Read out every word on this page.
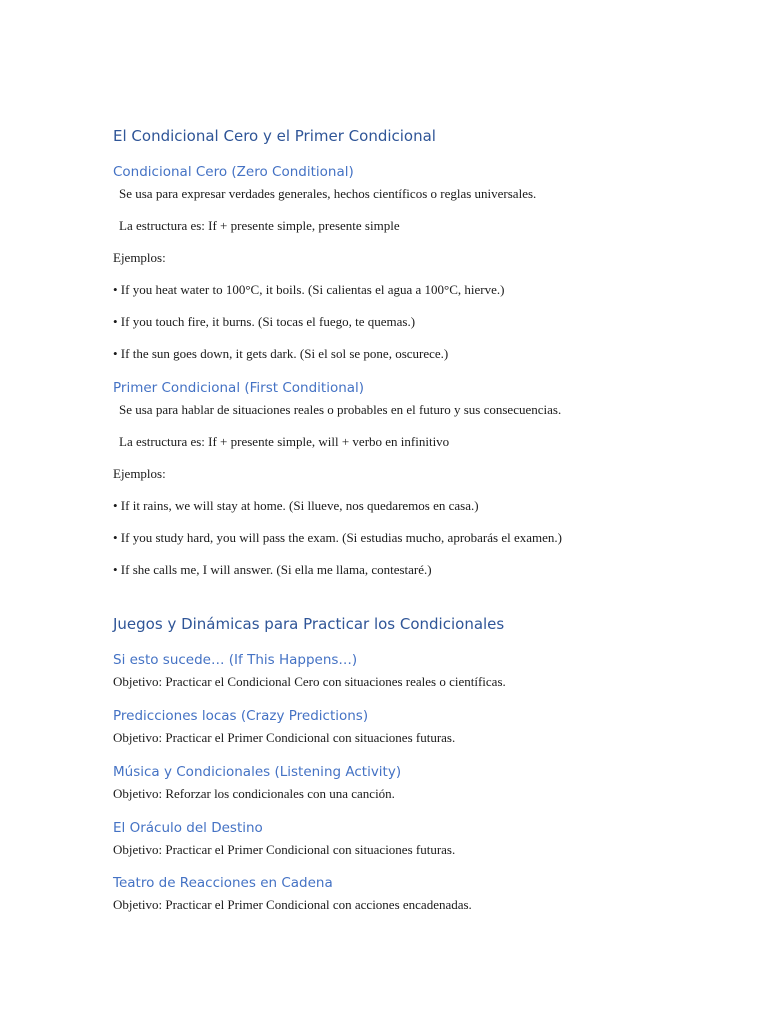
El Condicional Cero y el Primer Condicional
Condicional Cero (Zero Conditional)
Se usa para expresar verdades generales, hechos científicos o reglas universales.
La estructura es: If + presente simple, presente simple
Ejemplos:
• If you heat water to 100°C, it boils. (Si calientas el agua a 100°C, hierve.)
• If you touch fire, it burns. (Si tocas el fuego, te quemas.)
• If the sun goes down, it gets dark. (Si el sol se pone, oscurece.)
Primer Condicional (First Conditional)
Se usa para hablar de situaciones reales o probables en el futuro y sus consecuencias.
La estructura es: If + presente simple, will + verbo en infinitivo
Ejemplos:
• If it rains, we will stay at home. (Si llueve, nos quedaremos en casa.)
• If you study hard, you will pass the exam. (Si estudias mucho, aprobarás el examen.)
• If she calls me, I will answer. (Si ella me llama, contestaré.)
Juegos y Dinámicas para Practicar los Condicionales
Si esto sucede… (If This Happens…)
Objetivo: Practicar el Condicional Cero con situaciones reales o científicas.
Predicciones locas (Crazy Predictions)
Objetivo: Practicar el Primer Condicional con situaciones futuras.
Música y Condicionales (Listening Activity)
Objetivo: Reforzar los condicionales con una canción.
El Oráculo del Destino
Objetivo: Practicar el Primer Condicional con situaciones futuras.
Teatro de Reacciones en Cadena
Objetivo: Practicar el Primer Condicional con acciones encadenadas.
